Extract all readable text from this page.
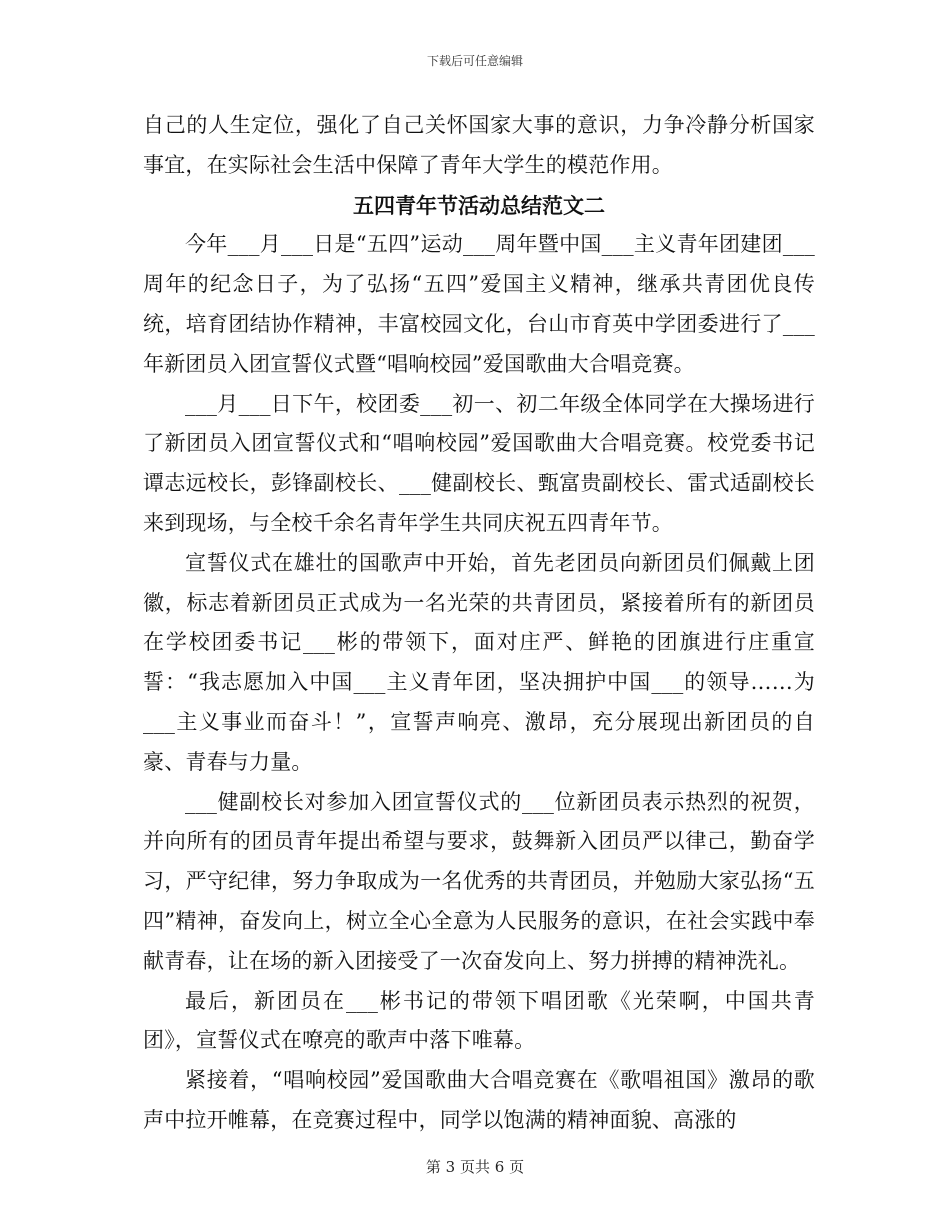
下载后可任意编辑

自己的人生定位，强化了自己关怀国家大事的意识，力争冷静分析国家事宜，在实际社会生活中保障了青年大学生的模范作用。

五四青年节活动总结范文二

今年___月___日是“五四”运动___周年暨中国___主义青年团建团___周年的纪念日子，为了弘扬“五四”爱国主义精神，继承共青团优良传统，培育团结协作精神，丰富校园文化，台山市育英中学团委进行了___年新团员入团宣誓仪式暨“唱响校园”爱国歌曲大合唱竞赛。

___月___日下午，校团委___初一、初二年级全体同学在大操场进行了新团员入团宣誓仪式和“唱响校园”爱国歌曲大合唱竞赛。校党委书记谭志远校长，彭锋副校长、___健副校长、甄富贵副校长、雷式适副校长来到现场，与全校千余名青年学生共同庆祝五四青年节。

宣誓仪式在雄壮的国歌声中开始，首先老团员向新团员们佩戴上团徽，标志着新团员正式成为一名光荣的共青团员，紧接着所有的新团员在学校团委书记___彬的带领下，面对庄严、鲜艳的团旗进行庄重宣誓：“我志愿加入中国___主义青年团，坚决拥护中国___的领导……为___主义事业而奋斗！”，宣誓声响亮、激昂，充分展现出新团员的自豪、青春与力量。

___健副校长对参加入团宣誓仪式的___位新团员表示热烈的祝贺，并向所有的团员青年提出希望与要求，鼓舞新入团员严以律己，勤奋学习，严守纪律，努力争取成为一名优秀的共青团员，并勉励大家弘扬“五四”精神，奋发向上，树立全心全意为人民服务的意识，在社会实践中奉献青春，让在场的新入团接受了一次奋发向上、努力拼搏的精神洗礼。

最后，新团员在___彬书记的带领下唱团歌《光荣啊，中国共青团》，宣誓仪式在嘹亮的歌声中落下唯幕。

紧接着，“唱响校园”爱国歌曲大合唱竞赛在《歌唱祖国》激昂的歌声中拉开帷幕，在竞赛过程中，同学以饱满的精神面貌、高涨的

第 3 页共 6 页
